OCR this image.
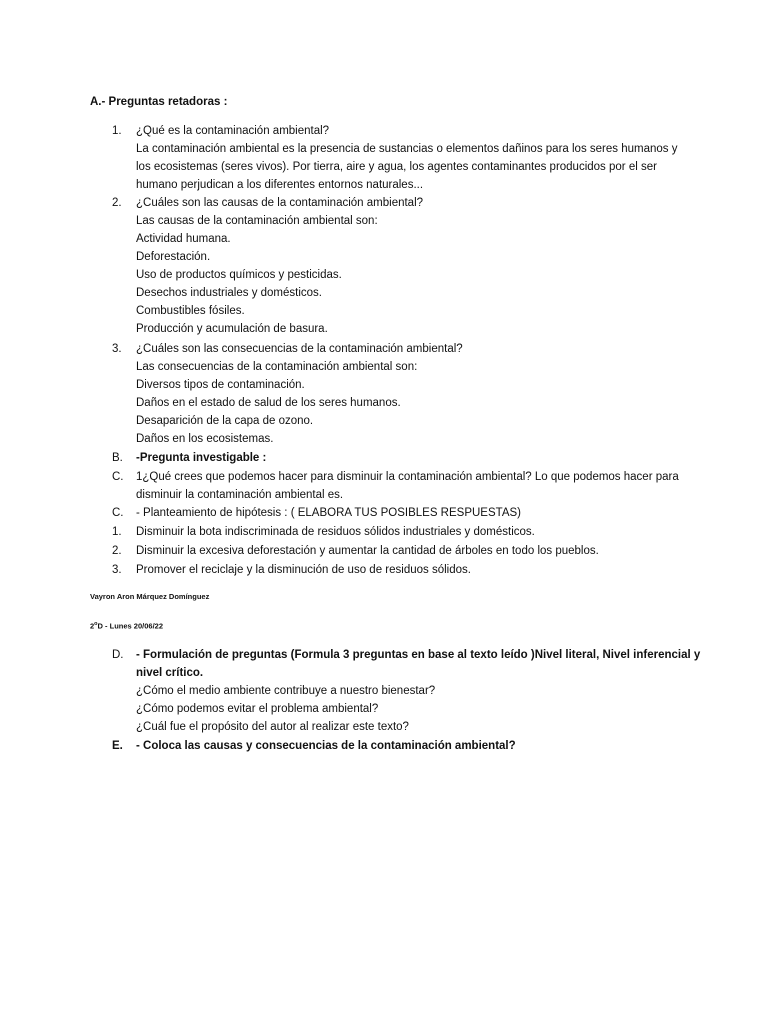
A.- Preguntas retadoras :
1.	¿Qué es la contaminación ambiental?
La contaminación ambiental es la presencia de sustancias o elementos dañinos para los seres humanos y
los ecosistemas (seres vivos). Por tierra, aire y agua, los agentes contaminantes producidos por el ser
humano perjudican a los diferentes entornos naturales...
2.	¿Cuáles son las causas de la contaminación ambiental?
Las causas de la contaminación ambiental son:
Actividad humana.
Deforestación.
Uso de productos químicos y pesticidas.
Desechos industriales y domésticos.
Combustibles fósiles.
Producción y acumulación de basura.
3.	¿Cuáles son las consecuencias de la contaminación ambiental?
Las consecuencias de la contaminación ambiental son:
Diversos tipos de contaminación.
Daños en el estado de salud de los seres humanos.
Desaparición de la capa de ozono.
Daños en los ecosistemas.
B.	-Pregunta investigable :
C.	1¿Qué crees que podemos hacer para disminuir la contaminación ambiental? Lo que podemos hacer para
disminuir la contaminación ambiental es.
C.	- Planteamiento de hipótesis : ( ELABORA TUS POSIBLES RESPUESTAS)
1.	Disminuir la bota indiscriminada de residuos sólidos industriales y domésticos.
2.	Disminuir la excesiva deforestación y aumentar la cantidad de árboles en todo los pueblos.
3.	Promover el reciclaje y la disminución de uso de residuos sólidos.
D.	- Formulación de preguntas (Formula 3 preguntas en base al texto leído )Nivel literal, Nivel inferencial y
nivel crítico.
¿Cómo el medio ambiente contribuye a nuestro bienestar?
¿Cómo podemos evitar el problema ambiental?
¿Cuál fue el propósito del autor al realizar este texto?
E.	- Coloca las causas y consecuencias de la contaminación ambiental?
Vayron Aron Márquez Domínguez
2$^o$D - Lunes 20/06/22
